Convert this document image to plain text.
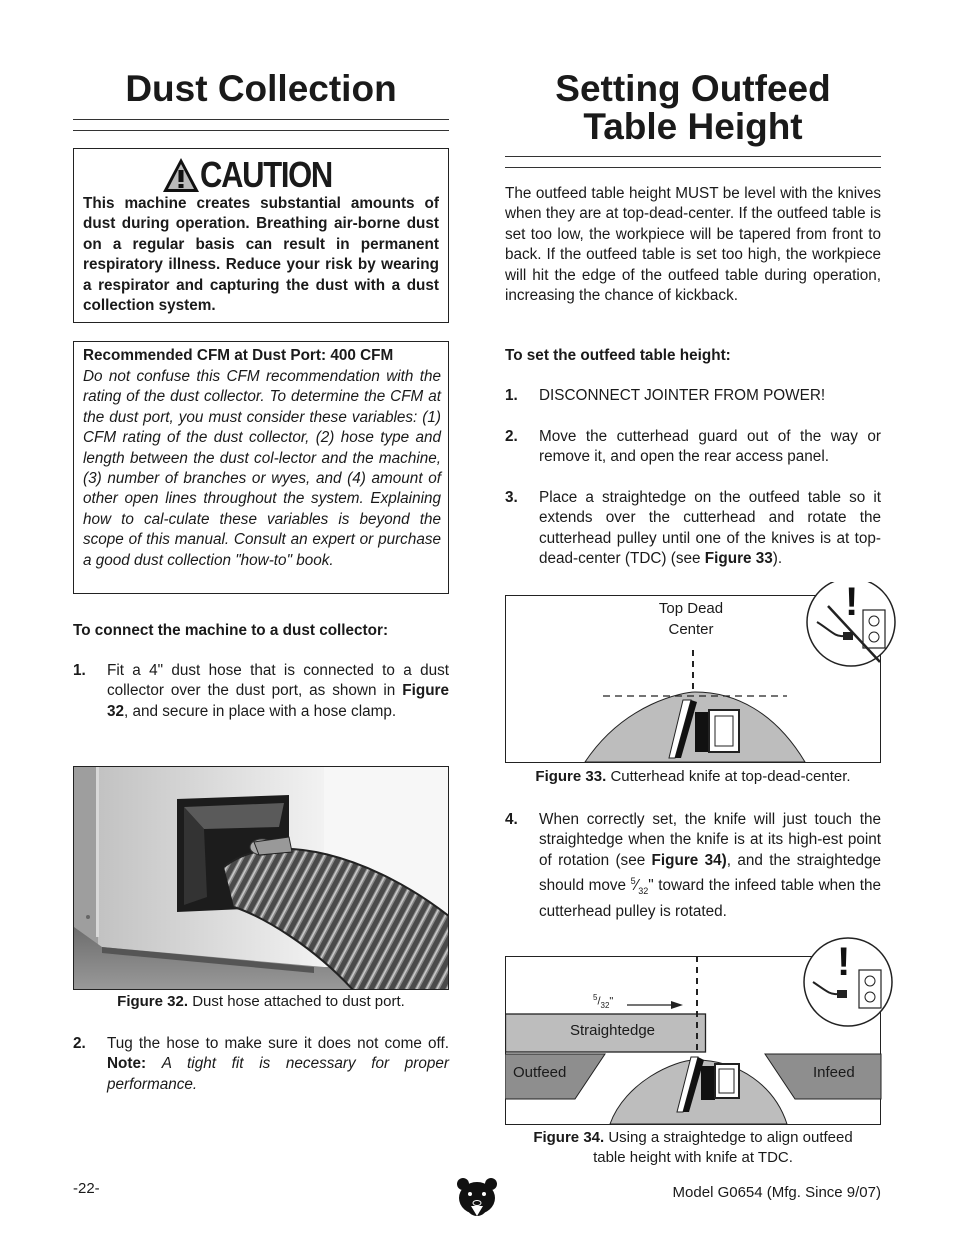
Dust Collection
CAUTION
This machine creates substantial amounts of dust during operation. Breathing air-borne dust on a regular basis can result in permanent respiratory illness. Reduce your risk by wearing a respirator and capturing the dust with a dust collection system.
Recommended CFM at Dust Port: 400 CFM
Do not confuse this CFM recommendation with the rating of the dust collector. To determine the CFM at the dust port, you must consider these variables: (1) CFM rating of the dust collector, (2) hose type and length between the dust col-lector and the machine, (3) number of branches or wyes, and (4) amount of other open lines throughout the system. Explaining how to cal-culate these variables is beyond the scope of this manual. Consult an expert or purchase a good dust collection "how-to" book.
To connect the machine to a dust collector:
1. Fit a 4" dust hose that is connected to a dust collector over the dust port, as shown in Figure 32, and secure in place with a hose clamp.
Figure 32. Dust hose attached to dust port.
2. Tug the hose to make sure it does not come off. Note: A tight fit is necessary for proper performance.
Setting Outfeed
Table Height
The outfeed table height MUST be level with the knives when they are at top-dead-center. If the outfeed table is set too low, the workpiece will be tapered from front to back. If the outfeed table is set too high, the workpiece will hit the edge of the outfeed table during operation, increasing the chance of kickback.
To set the outfeed table height:
1. DISCONNECT JOINTER FROM POWER!
2. Move the cutterhead guard out of the way or remove it, and open the rear access panel.
3. Place a straightedge on the outfeed table so it extends over the cutterhead and rotate the cutterhead pulley until one of the knives is at top-dead-center (TDC) (see Figure 33).
!
Top Dead
Center
Figure 33. Cutterhead knife at top-dead-center.
4. When correctly set, the knife will just touch the straightedge when the knife is at its high-est point of rotation (see Figure 34), and the straightedge should move $^5⁄_{32}$" toward the infeed table when the cutterhead pulley is rotated.
!
$^5/_{32}$"
Straightedge
Outfeed	Infeed
Figure 34. Using a straightedge to align outfeed
table height with knife at TDC.
-22-	Model G0654 (Mfg. Since 9/07)
